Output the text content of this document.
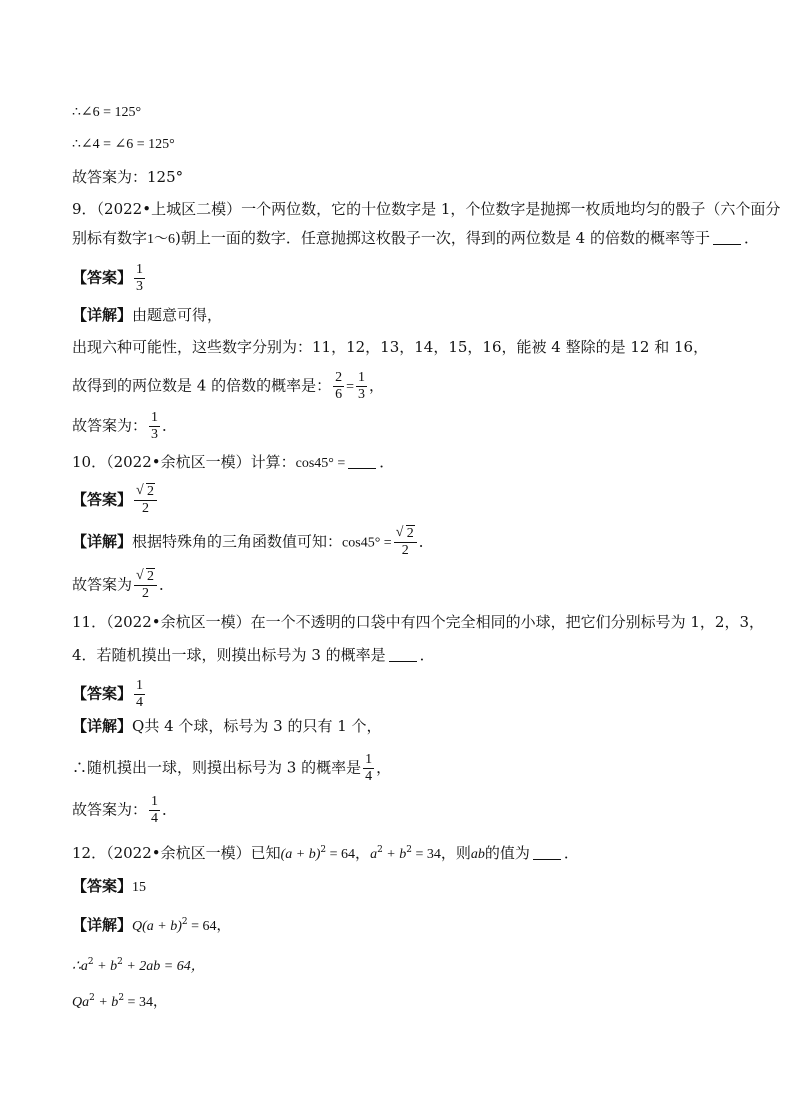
∴∠6 = 125°
∴∠4 = ∠6 = 125°
故答案为：125°
9．（2022•上城区二模）一个两位数，它的十位数字是 1，个位数字是抛掷一枚质地均匀的骰子（六个面分
别标有数字1～6)朝上一面的数字．任意抛掷这枚骰子一次，得到的两位数是 4 的倍数的概率等于 ．
【答案】 $\frac{1}{3}$
【详解】由题意可得，
出现六种可能性，这些数字分别为：11，12，13，14，15，16，能被 4 整除的是 12 和 16，
故得到的两位数是 4 的倍数的概率是： $\frac{2}{6} = \frac{1}{3}$ ，
故答案为： $\frac{1}{3}$ ．
10．（2022•余杭区一模）计算：cos45° = ．
【答案】 $\frac{√ 2}{2}$
【详解】根据特殊角的三角函数值可知：$\cos 45^\circ = \frac{√ 2}{2}$ ．
故答案为 $\frac{√ 2}{2}$ ．
11．（2022•余杭区一模）在一个不透明的口袋中有四个完全相同的小球，把它们分别标号为 1，2，3，
4．若随机摸出一球，则摸出标号为 3 的概率是 ．
【答案】 $\frac{1}{4}$
【详解】Q共 4 个球，标号为 3 的只有 1 个，
∴随机摸出一球，则摸出标号为 3 的概率是 $\frac{1}{4}$ ，
故答案为： $\frac{1}{4}$ ．
12．（2022•余杭区一模）已知$(a + b)^2 = 64$，$a^2 + b^2 = 34$，则ab的值为 ．
【答案】15
【详解】$Q(a + b)^2 = 64$，
$\therefore a^2 + b^2 + 2ab = 64$，
$Qa^2 + b^2 = 34$，
